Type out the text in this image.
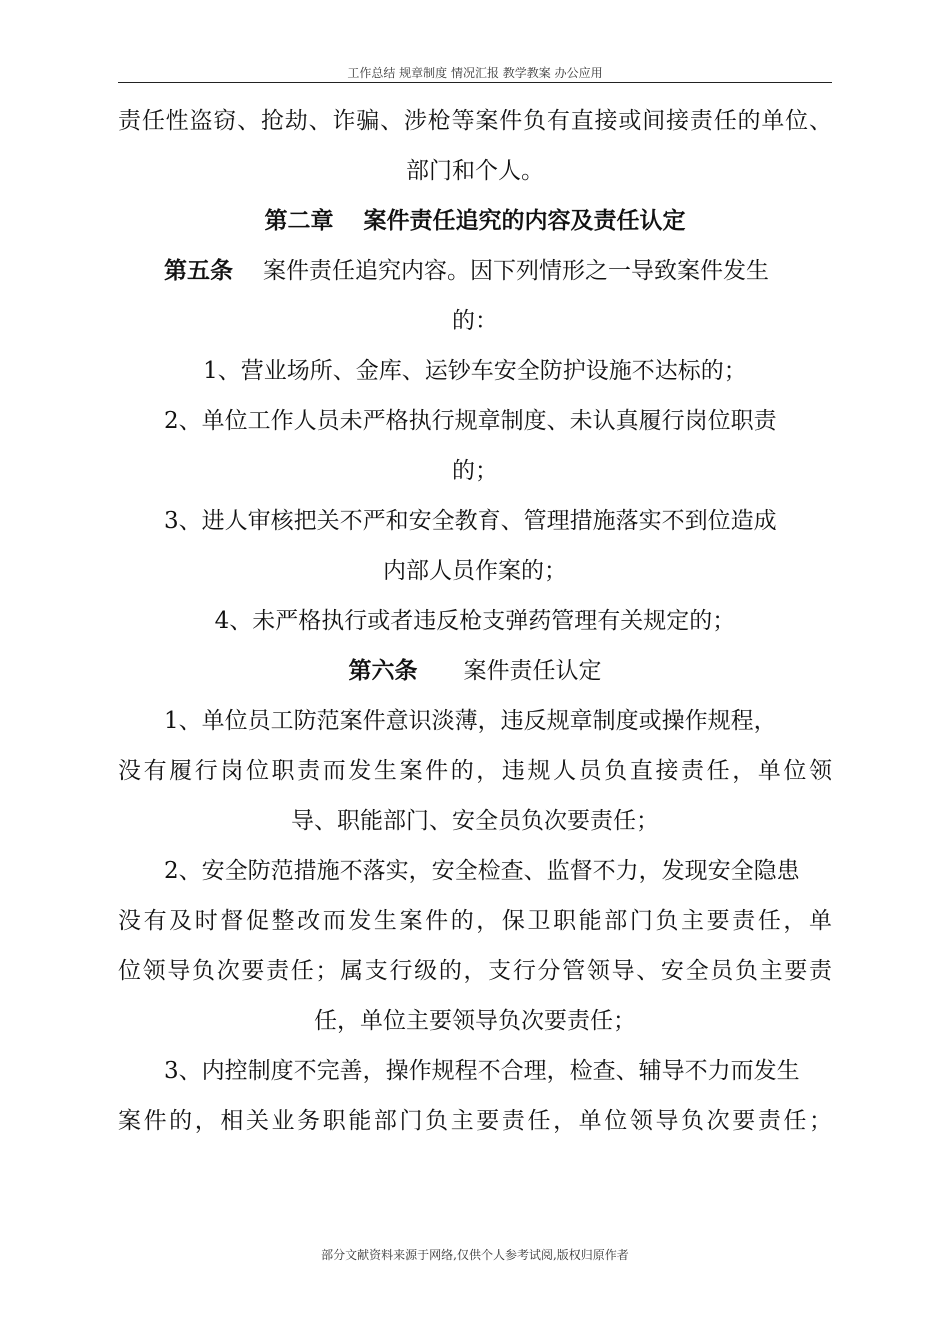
工作总结 规章制度 情况汇报 教学教案 办公应用

责任性盗窃、抢劫、诈骗、涉枪等案件负有直接或间接责任的单位、

部门和个人。

第二章 案件责任追究的内容及责任认定

第五条 案件责任追究内容。因下列情形之一导致案件发生

的：

1、营业场所、金库、运钞车安全防护设施不达标的；

2、单位工作人员未严格执行规章制度、未认真履行岗位职责

的；

3、进人审核把关不严和安全教育、管理措施落实不到位造成

内部人员作案的；

4、未严格执行或者违反枪支弹药管理有关规定的；

第六条 案件责任认定

1、单位员工防范案件意识淡薄，违反规章制度或操作规程，

没有履行岗位职责而发生案件的，违规人员负直接责任，单位领

导、职能部门、安全员负次要责任；

2、安全防范措施不落实，安全检查、监督不力，发现安全隐患

没有及时督促整改而发生案件的，保卫职能部门负主要责任，单

位领导负次要责任；属支行级的，支行分管领导、安全员负主要责

任，单位主要领导负次要责任；

3、内控制度不完善，操作规程不合理，检查、辅导不力而发生

案件的，相关业务职能部门负主要责任，单位领导负次要责任；

部分文献资料来源于网络,仅供个人参考试阅,版权归原作者
